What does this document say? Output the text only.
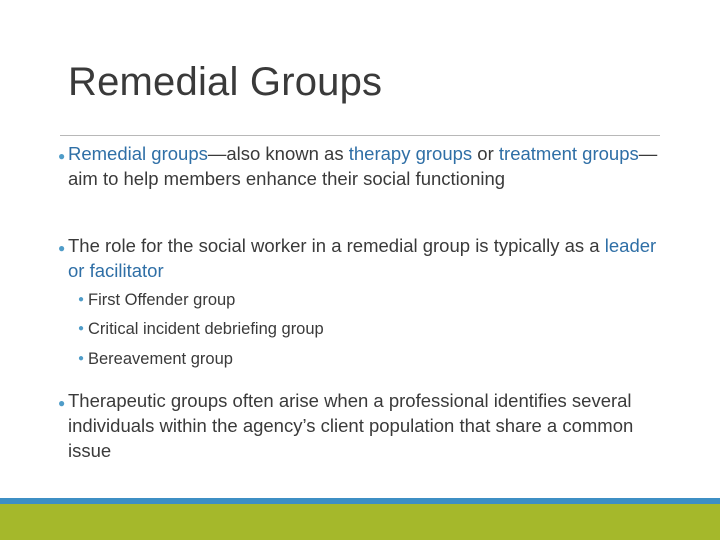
Remedial Groups
● Remedial groups—also known as therapy groups or treatment groups—aim to help members enhance their social functioning
● The role for the social worker in a remedial group is typically as a leader or facilitator
● First Offender group
● Critical incident debriefing group
● Bereavement group
● Therapeutic groups often arise when a professional identifies several individuals within the agency’s client population that share a common issue
